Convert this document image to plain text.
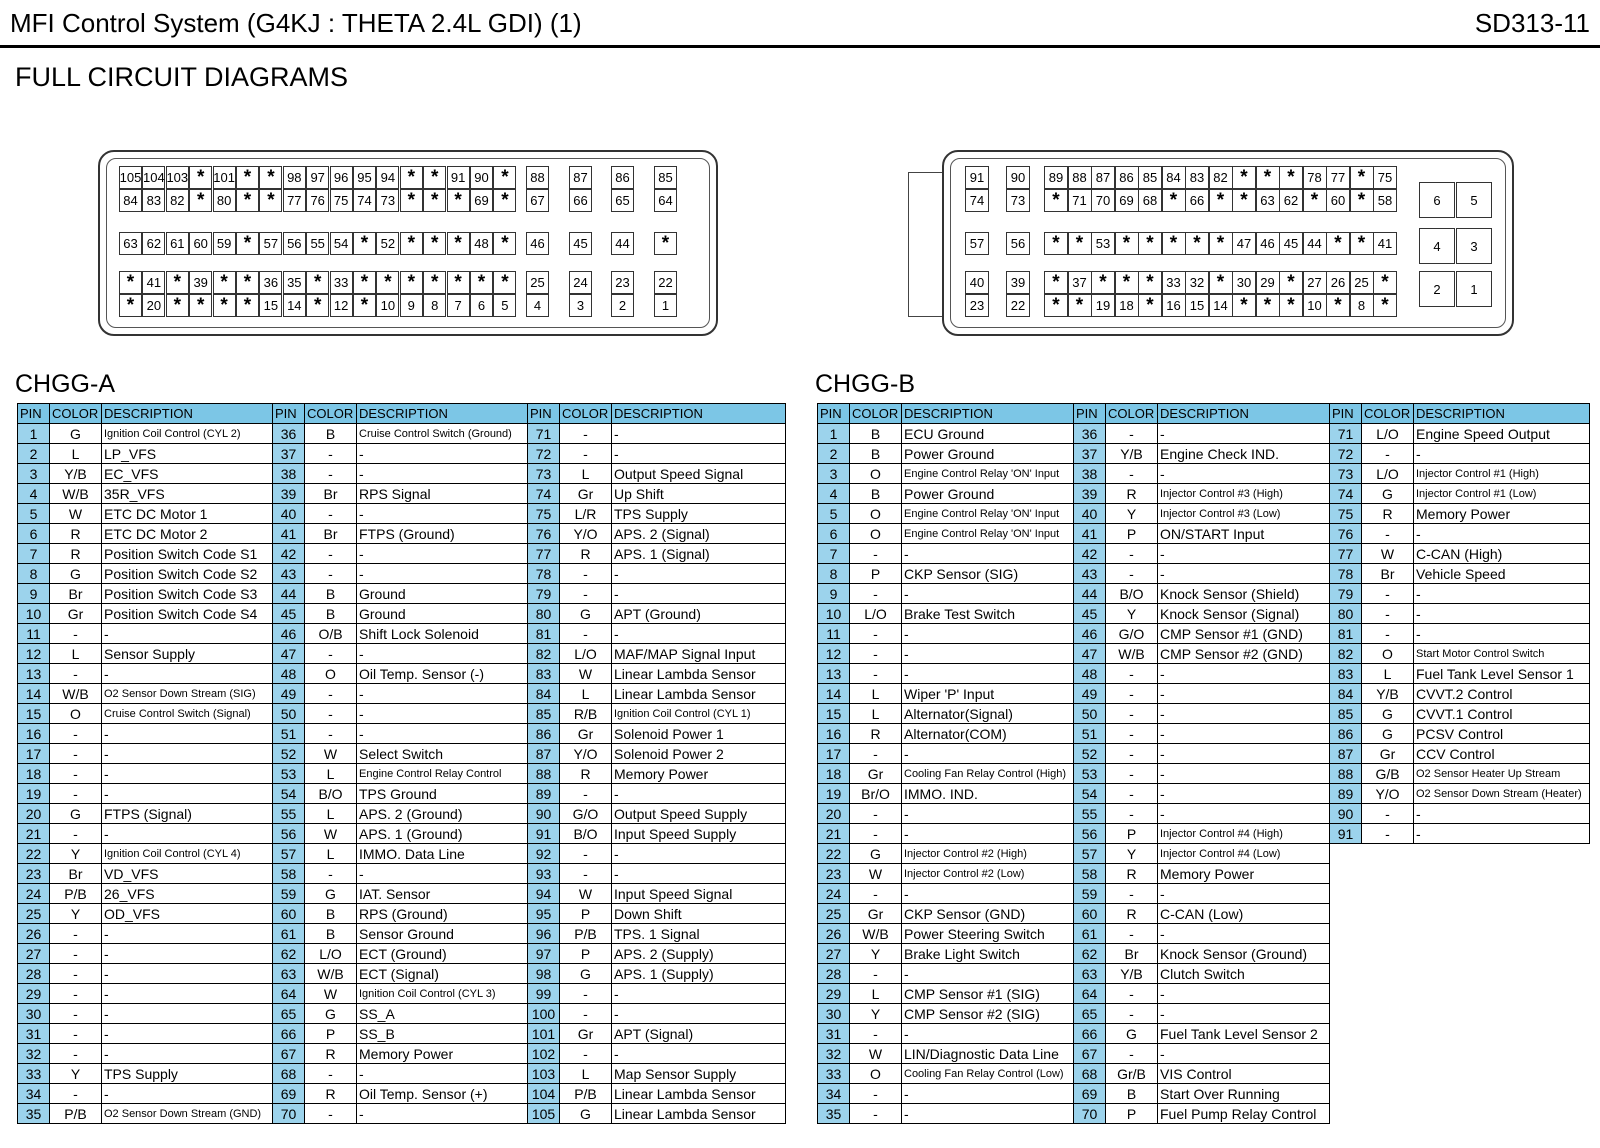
MFI Control System (G4KJ : THETA 2.4L GDI) (1)	SD313-11
FULL CIRCUIT DIAGRAMS
105 104 103 * 101 * * 98 97 96 95 94 * * 91 90 *	88	87	86	85
84 83 82 * 80 * * 77 76 75 74 73 * * * 69 *	67	66	65	64
63 62 61 60 59 * 57 56 55 54 * 52 * * * 48 *	46	45	44	*
* 41 * 39 * * 36 35 * 33 * * * * * * *	25	24	23	22
* 20 * * * * 15 14 * 12 * 10 9	8	7	6	5	4	3	2	1
91	90	89 88 87 86 85 84 83 82 * * * 78 77 * 75
6	5
74	73	* 71 70 69 68 * 66 * * 63 62 * 60 * 58
57	56	* * 53 * * * * * 47 46 45 44 * * 41	4	3
40	39	* 37 * * * 33 32 * 30 29 * 27 26 25 *	2	1
23	22	* * 19 18 * 16 15 14 * * * 10 *	8 *
CHGG-A	CHGG-B
PIN	COLOR	DESCRIPTION	PIN	COLOR	DESCRIPTION	PIN	COLOR	DESCRIPTION
1	G	Ignition Coil Control (CYL 2)	36	B	Cruise Control Switch (Ground)	71	-	-
2	L	LP_VFS	37	-	-	72	-	-
3	Y/B	EC_VFS	38	-	-	73	L	Output Speed Signal
4	W/B	35R_VFS	39	Br	RPS Signal	74	Gr	Up Shift
5	W	ETC DC Motor 1	40	-	-	75	L/R	TPS Supply
6	R	ETC DC Motor 2	41	Br	FTPS (Ground)	76	Y/O	APS. 2 (Signal)
7	R	Position Switch Code S1	42	-	-	77	R	APS. 1 (Signal)
8	G	Position Switch Code S2	43	-	-	78	-	-
9	Br	Position Switch Code S3	44	B	Ground	79	-	-
10	Gr	Position Switch Code S4	45	B	Ground	80	G	APT (Ground)
11	-	-	46	O/B	Shift Lock Solenoid	81	-	-
12	L	Sensor Supply	47	-	-	82	L/O	MAF/MAP Signal Input
13	-	-	48	O	Oil Temp. Sensor (-)	83	W	Linear Lambda Sensor
14	W/B	O2 Sensor Down Stream (SIG)	49	-	-	84	L	Linear Lambda Sensor
15	O	Cruise Control Switch (Signal)	50	-	-	85	R/B	Ignition Coil Control (CYL 1)
16	-	-	51	-	-	86	Gr	Solenoid Power 1
17	-	-	52	W	Select Switch	87	Y/O	Solenoid Power 2
18	-	-	53	L	Engine Control Relay Control	88	R	Memory Power
19	-	-	54	B/O	TPS Ground	89	-	-
20	G	FTPS (Signal)	55	L	APS. 2 (Ground)	90	G/O	Output Speed Supply
21	-	-	56	W	APS. 1 (Ground)	91	B/O	Input Speed Supply
22	Y	Ignition Coil Control (CYL 4)	57	L	IMMO. Data Line	92	-	-
23	Br	VD_VFS	58	-	-	93	-	-
24	P/B	26_VFS	59	G	IAT. Sensor	94	W	Input Speed Signal
25	Y	OD_VFS	60	B	RPS (Ground)	95	P	Down Shift
26	-	-	61	B	Sensor Ground	96	P/B	TPS. 1 Signal
27	-	-	62	L/O	ECT (Ground)	97	P	APS. 2 (Supply)
28	-	-	63	W/B	ECT (Signal)	98	G	APS. 1 (Supply)
29	-	-	64	W	Ignition Coil Control (CYL 3)	99	-	-
30	-	-	65	G	SS_A	100	-	-
31	-	-	66	P	SS_B	101	Gr	APT (Signal)
32	-	-	67	R	Memory Power	102	-	-
33	Y	TPS Supply	68	-	-	103	L	Map Sensor Supply
34	-	-	69	R	Oil Temp. Sensor (+)	104	P/B	Linear Lambda Sensor
35	P/B	O2 Sensor Down Stream (GND)	70	-	-	105	G	Linear Lambda Sensor
PIN	COLOR	DESCRIPTION	PIN	COLOR	DESCRIPTION	PIN	COLOR	DESCRIPTION
1	B	ECU Ground	36	-	-	71	L/O	Engine Speed Output
2	B	Power Ground	37	Y/B	Engine Check IND.	72	-	-
3	O	Engine Control Relay 'ON' Input	38	-	-	73	L/O	Injector Control #1 (High)
4	B	Power Ground	39	R	Injector Control #3 (High)	74	G	Injector Control #1 (Low)
5	O	Engine Control Relay 'ON' Input	40	Y	Injector Control #3 (Low)	75	R	Memory Power
6	O	Engine Control Relay 'ON' Input	41	P	ON/START Input	76	-	-
7	-	-	42	-	-	77	W	C-CAN (High)
8	P	CKP Sensor (SIG)	43	-	-	78	Br	Vehicle Speed
9	-	-	44	B/O	Knock Sensor (Shield)	79	-	-
10	L/O	Brake Test Switch	45	Y	Knock Sensor (Signal)	80	-	-
11	-	-	46	G/O	CMP Sensor #1 (GND)	81	-	-
12	-	-	47	W/B	CMP Sensor #2 (GND)	82	O	Start Motor Control Switch
13	-	-	48	-	-	83	L	Fuel Tank Level Sensor 1
14	L	Wiper 'P' Input	49	-	-	84	Y/B	CVVT.2 Control
15	L	Alternator(Signal)	50	-	-	85	G	CVVT.1 Control
16	R	Alternator(COM)	51	-	-	86	G	PCSV Control
17	-	-	52	-	-	87	Gr	CCV Control
18	Gr	Cooling Fan Relay Control (High)	53	-	-	88	G/B	O2 Sensor Heater Up Stream
19	Br/O	IMMO. IND.	54	-	-	89	Y/O	O2 Sensor Down Stream (Heater)
20	-	-	55	-	-	90	-	-
21	-	-	56	P	Injector Control #4 (High)	91	-	-
22	G	Injector Control #2 (High)	57	Y	Injector Control #4 (Low)			
23	W	Injector Control #2 (Low)	58	R	Memory Power			
24	-	-	59	-	-			
25	Gr	CKP Sensor (GND)	60	R	C-CAN (Low)			
26	W/B	Power Steering Switch	61	-	-			
27	Y	Brake Light Switch	62	Br	Knock Sensor (Ground)			
28	-	-	63	Y/B	Clutch Switch			
29	L	CMP Sensor #1 (SIG)	64	-	-			
30	Y	CMP Sensor #2 (SIG)	65	-	-			
31	-	-	66	G	Fuel Tank Level Sensor 2			
32	W	LIN/Diagnostic Data Line	67	-	-			
33	O	Cooling Fan Relay Control (Low)	68	Gr/B	VIS Control			
34	-	-	69	B	Start Over Running			
35	-	-	70	P	Fuel Pump Relay Control			
